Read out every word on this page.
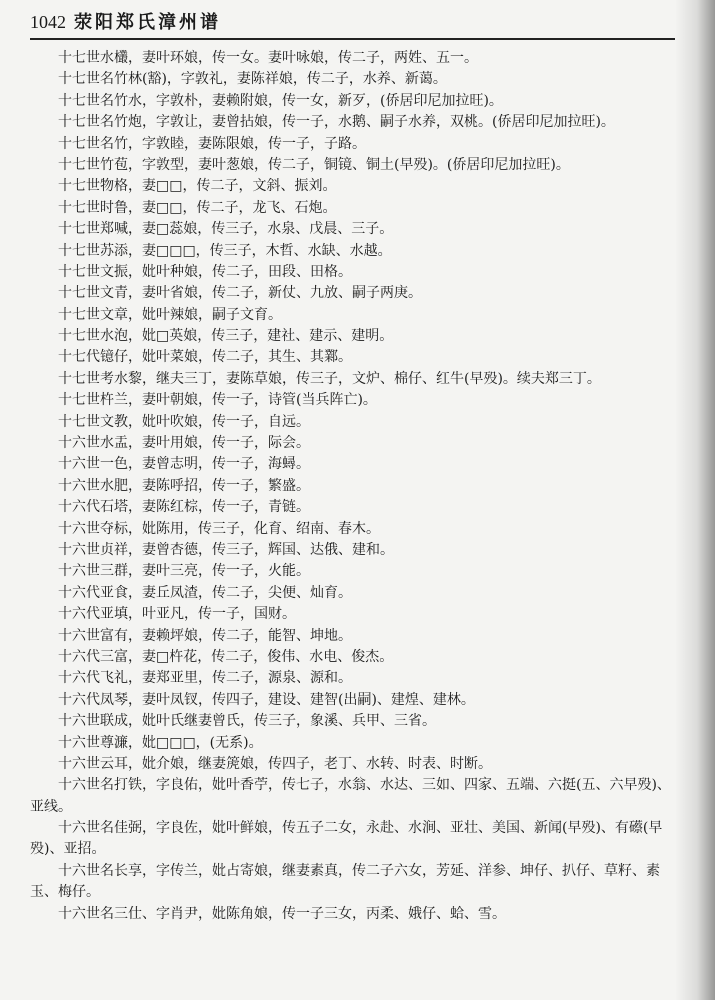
1042 荥阳郑氏漳州谱
十七世水欉，妻叶环娘，传一女。妻叶咏娘，传二子，两姓、五一。
十七世名竹林(豁)，字敦礼，妻陈祥娘，传二子，水养、新蔼。
十七世名竹水，字敦朴，妻赖附娘，传一女，新歹，(侨居印尼加拉旺)。
十七世名竹炮，字敦让，妻曾拈娘，传一子，水鹅、嗣子水养，双桃。(侨居印尼加拉旺)。
十七世名竹，字敦睦，妻陈限娘，传一子，子路。
十七世竹苞，字敦型，妻叶葱娘，传二子，铜镜、铜土(早殁)。(侨居印尼加拉旺)。
十七世物格，妻□□，传二子，文斜、振刘。
十七世时鲁，妻□□，传二子，龙飞、石炮。
十七世郑喊，妻□蕊娘，传三子，水泉、戊晨、三子。
十七世苏添，妻□□□，传三子，木哲、水缺、水越。
十七世文振，妣叶种娘，传二子，田段、田格。
十七世文青，妻叶省娘，传二子，新仗、九放、嗣子两庚。
十七世文章，妣叶辣娘，嗣子文育。
十七世水泡，妣□英娘，传三子，建社、建示、建明。
十七代镱仔，妣叶菜娘，传二子，其生、其鄴。
十七世考水黎，继夫三丁，妻陈草娘，传三子，文炉、棉仔、红牛(早殁)。续夫郑三丁。
十七世杵兰，妻叶朝娘，传一子，诗管(当兵阵亡)。
十七世文教，妣叶吹娘，传一子，自远。
十六世水盂，妻叶用娘，传一子，际会。
十六世一色，妻曾志明，传一子，海蟳。
十六世水肥，妻陈呼招，传一子，繁盛。
十六代石塔，妻陈红棕，传一子，青链。
十六世夺标，妣陈用，传三子，化育、绍南、春木。
十六世贞祥，妻曾杏德，传三子，辉国、达俄、建和。
十六世三群，妻叶三亮，传一子，火能。
十六代亚食，妻丘凤渣，传二子，尖便、灿育。
十六代亚填，叶亚凡，传一子，国财。
十六世富有，妻赖坪娘，传二子，能智、坤地。
十六代三富，妻□杵花，传二子，俊伟、水电、俊杰。
十六代飞礼，妻郑亚里，传二子，源泉、源和。
十六代凤琴，妻叶凤钗，传四子，建设、建智(出嗣)、建煌、建林。
十六世联成，妣叶氏继妻曾氏，传三子，象溪、兵甲、三省。
十六世尊濂，妣□□□，(无系)。
十六世云耳，妣介娘，继妻箎娘，传四子，老丁、水转、时表、时断。
十六世名打铁，字良佑，妣叶香苧，传七子，水翁、水达、三如、四家、五端、六挺(五、六早殁)、
亚线。
十六世名佳弼，字良佐，妣叶鲜娘，传五子二女，永赴、水涧、亚壮、美国、新闻(早殁)、有礤(早
殁)、亚招。
十六世名长享，字传兰，妣占寄娘，继妻素真，传二子六女，芳延、洋参、坤仔、扒仔、草籽、素
玉、梅仔。
十六世名三仕、字肖尹，妣陈角娘，传一子三女，丙柔、娥仔、蛤、雪。
